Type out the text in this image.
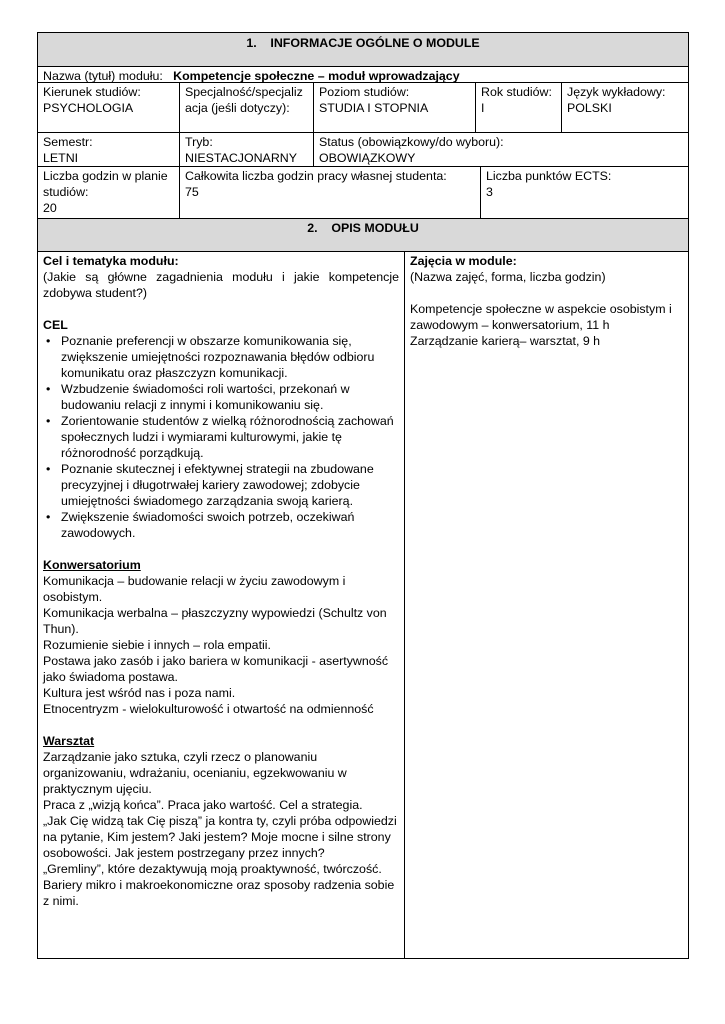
1.    INFORMACJE OGÓLNE O MODULE
Nazwa (tytuł) modułu: Kompetencje społeczne – moduł wprowadzający

Kierunek studiów:

PSYCHOLOGIA

Specjalność/specjaliz

acja (jeśli dotyczy):

Poziom studiów:

STUDIA I STOPNIA

Rok studiów:

I

Język wykładowy:

POLSKI

Semestr:

LETNI

Tryb:

NIESTACJONARNY

Status (obowiązkowy/do wyboru):

OBOWIĄZKOWY

Liczba godzin w planie

studiów:

20

Całkowita liczba godzin pracy własnej studenta:

75

Liczba punktów ECTS:

3

2.    OPIS MODUŁU

Cel i tematyka modułu:

(Jakie są główne zagadnienia modułu i jakie kompetencje zdobywa student?)

CEL

• Poznanie preferencji w obszarze komunikowania się, zwiększenie umiejętności rozpoznawania błędów odbioru komunikatu oraz płaszczyzn komunikacji.
• Wzbudzenie świadomości roli wartości, przekonań w budowaniu relacji z innymi i komunikowaniu się.
• Zorientowanie studentów z wielką różnorodnością zachowań społecznych ludzi i wymiarami kulturowymi, jakie tę różnorodność porządkują.
• Poznanie skutecznej i efektywnej strategii na zbudowane precyzyjnej i długotrwałej kariery zawodowej; zdobycie umiejętności świadomego zarządzania swoją karierą.
• Zwiększenie świadomości swoich potrzeb, oczekiwań zawodowych.

Konwersatorium

Komunikacja – budowanie relacji w życiu zawodowym i osobistym.

Komunikacja werbalna – płaszczyzny wypowiedzi (Schultz von Thun).

Rozumienie siebie i innych – rola empatii.

Postawa jako zasób i jako bariera w komunikacji - asertywność jako świadoma postawa.

Kultura jest wśród nas i poza nami.

Etnocentryzm - wielokulturowość i otwartość na odmienność

Warsztat

Zarządzanie jako sztuka, czyli rzecz o planowaniu organizowaniu, wdrażaniu, ocenianiu, egzekwowaniu w praktycznym ujęciu.

Praca z „wizją końca”. Praca jako wartość. Cel a strategia.

„Jak Cię widzą tak Cię piszą” ja kontra ty, czyli próba odpowiedzi na pytanie, Kim jestem? Jaki jestem? Moje mocne i silne strony osobowości. Jak jestem postrzegany przez innych?

„Gremliny”, które dezaktywują moją proaktywność, twórczość.

Bariery mikro i makroekonomiczne oraz sposoby radzenia sobie z nimi.

Zajęcia w module:

(Nazwa zajęć, forma, liczba godzin)

Kompetencje społeczne w aspekcie osobistym i zawodowym – konwersatorium, 11 h

Zarządzanie karierą– warsztat, 9 h
